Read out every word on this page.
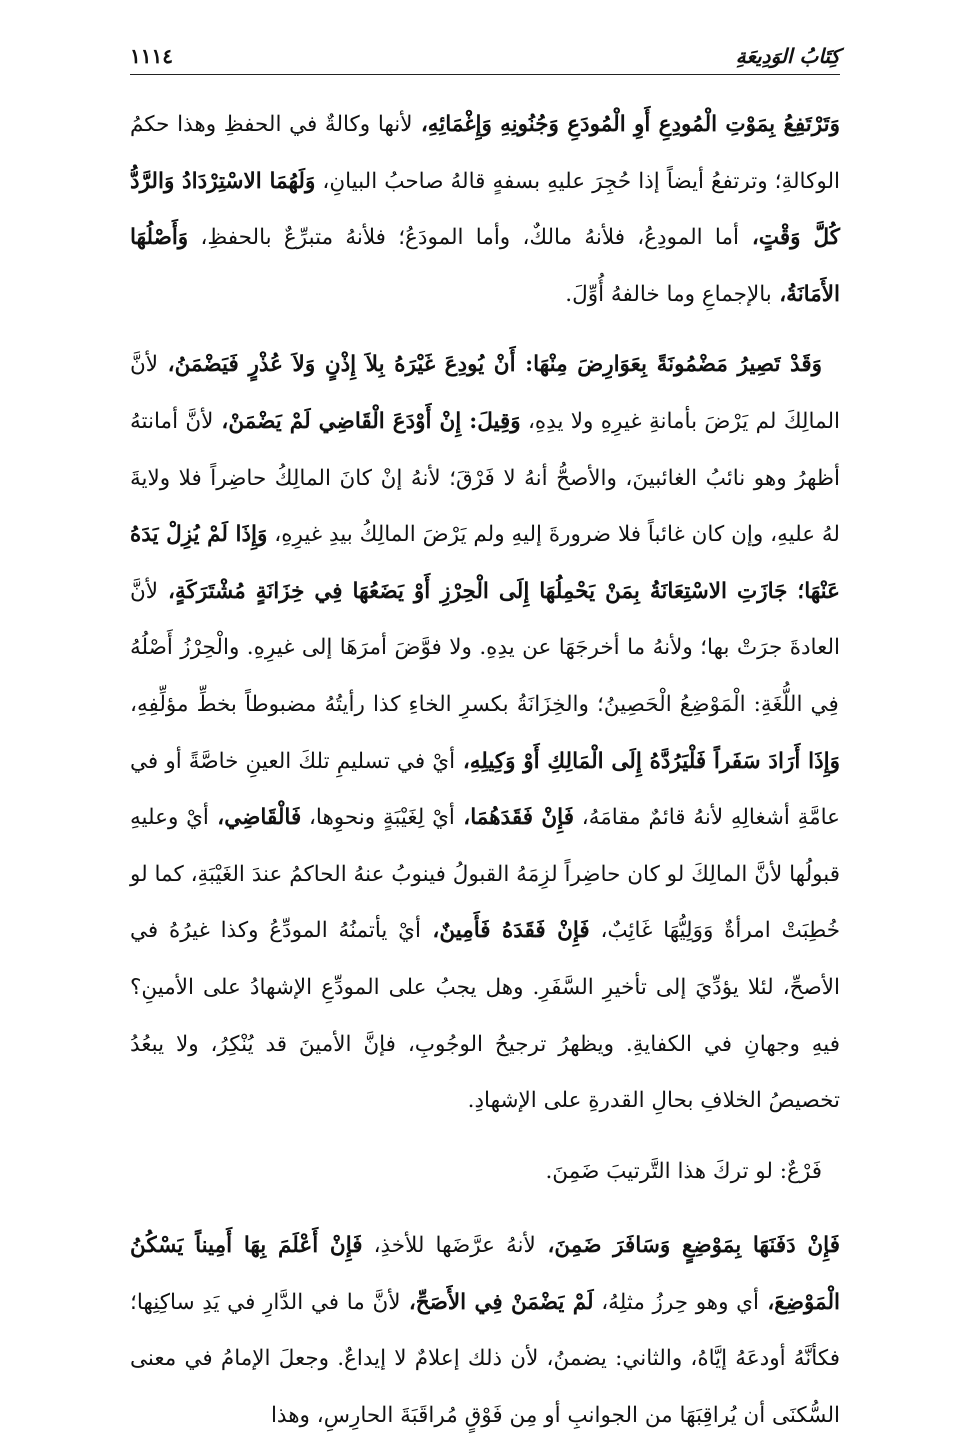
كِتَابُ الوَدِيعَةِ
١١١٤

وَتَرْتَفِعُ بِمَوْتِ الْمُودِعِ أَوِ الْمُودَعِ وَجُنُونِهِ وَإِغْمَائِهِ، لأنها وكالةٌ في الحفظِ وهذا حكمُ الوكالةِ؛ وترتفعُ أيضاً إذا حُجِرَ عليهِ بسفهٍ قالهُ صاحبُ البيانِ، وَلَهُمَا الاسْتِرْدَادُ وَالرَّدُّ كُلَّ وَقْتٍ، أما المودِعُ، فلأنهُ مالكٌ، وأما المودَعُ؛ فلأنهُ متبرِّعٌ بالحفظِ، وَأَصْلُهَا الأَمَانَةُ، بالإجماعِ وما خالفهُ أُوِّلَ.

وَقَدْ تَصِيرُ مَضْمُونَةً بِعَوَارِضَ مِنْهَا: أَنْ يُودِعَ غَيْرَهُ بِلاَ إِذْنٍ وَلاَ عُذْرٍ فَيَضْمَنُ، لأنَّ المالِكَ لم يَرْضَ بأمانةِ غيرِهِ ولا يدِهِ، وَقِيلَ: إِنْ أَوْدَعَ الْقَاضِي لَمْ يَضْمَنْ، لأنَّ أمانتهُ أظهرُ وهو نائبُ الغائبينَ، والأصحُّ أنهُ لا فَرْقَ؛ لأنهُ إنْ كانَ المالِكُ حاضِراً فلا ولايةَ لهُ عليهِ، وإن كان غائباً فلا ضرورةَ إليهِ ولم يَرْضَ المالِكُ بيدِ غيرِهِ، وَإِذَا لَمْ يُزِلْ يَدَهُ عَنْهَا؛ جَازَتِ الاسْتِعَانَةُ بِمَنْ يَحْمِلُهَا إِلَى الْحِرْزِ أَوْ يَضَعُهَا فِي خِزَانَةٍ مُشْتَرَكَةٍ، لأنَّ العادةَ جرَتْ بها؛ ولأنهُ ما أخرجَهَا عن يدِهِ. ولا فوَّضَ أمرَهَا إلى غيرِهِ. والْحِرْزُ أَصْلُهُ فِي اللُّغَةِ: الْمَوْضِعُ الْحَصِينُ؛ والخِزَانَةُ بكسرِ الخاءِ كذا رأيتُهُ مضبوطاً بخطِّ مؤلِّفِهِ، وَإِذَا أَرَادَ سَفَراً فَلْيَرُدَّهُ إِلَى الْمَالِكِ أَوْ وَكِيلِهِ، أيْ في تسليمِ تلكَ العينِ خاصَّةً أو في عامَّةِ أشغالِهِ لأنهُ قائمٌ مقامَهُ، فَإِنْ فَقَدَهُمَا، أيْ لِغَيْبَةٍ ونحوِها، فَالْقَاضِي، أيْ وعليهِ قبولُها لأنَّ المالِكَ لو كان حاضِراً لزِمَهُ القبولُ فينوبُ عنهُ الحاكمُ عندَ الغَيْبَةِ، كما لو خُطِبَتْ امرأةٌ وَوَلِيُّهَا غَائِبٌ، فَإِنْ فَقَدَهُ فَأَمِينٌ، أيْ يأتمنُهُ المودِّعُ وكذا غيرُهُ في الأصحِّ، لئلا يؤدِّيَ إلى تأخيرِ السَّفَرِ. وهل يجبُ على المودِّعِ الإشهادُ على الأمينِ؟ فيهِ وجهانِ في الكفايةِ. ويظهرُ ترجيحُ الوجُوبِ، فإنَّ الأمينَ قد يُنْكِرُ، ولا يبعُدُ تخصيصُ الخلافِ بحالِ القدرةِ على الإشهادِ.

فَرْعٌ: لو تركَ هذا التَّرتيبَ ضَمِنَ.

فَإِنْ دَفَنَهَا بِمَوْضِعٍ وَسَافَرَ ضَمِنَ، لأنهُ عرَّضَها للأخذِ، فَإِنْ أَعْلَمَ بِهَا أَمِيناً يَسْكُنُ الْمَوْضِعَ، أي وهو حِرزُ مثلِهُ، لَمْ يَضْمَنْ فِي الأَصَحِّ، لأنَّ ما في الدَّارِ في يَدِ ساكِنِها؛ فكأنَّهُ أودعَهُ إيَّاهُ، والثاني: يضمنُ، لأن ذلك إعلامٌ لا إيداعٌ. وجعلَ الإمامُ في معنى السُّكنَى أن يُراقِبَهَا من الجوانبِ أو مِن فَوْقٍ مُراقَبَةَ الحارِسِ، وهذا
